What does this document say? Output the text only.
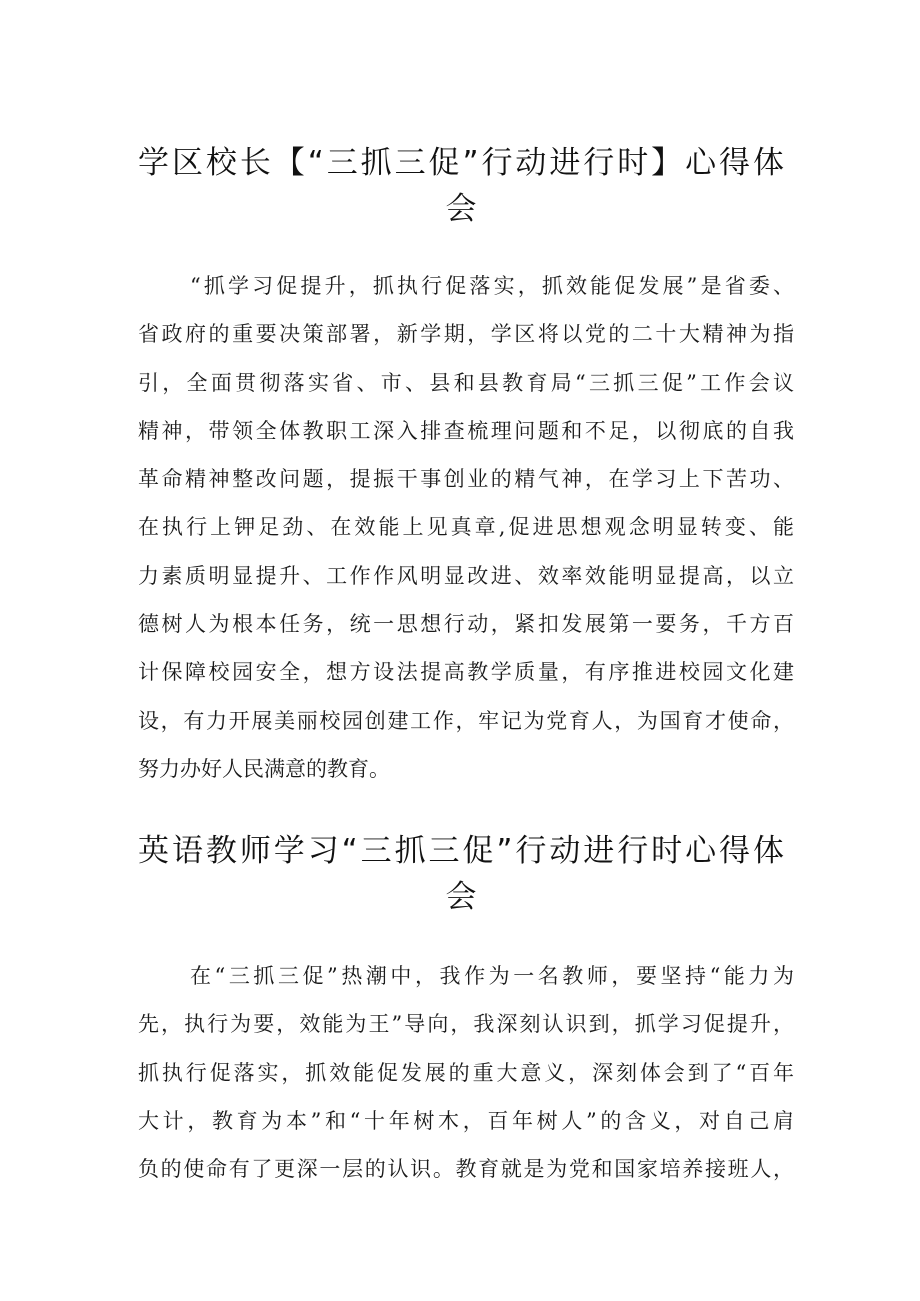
学区校长【“三抓三促”行动进行时】心得体
会
“抓学习促提升，抓执行促落实，抓效能促发展”是省委、
省政府的重要决策部署，新学期，学区将以党的二十大精神为指
引，全面贯彻落实省、市、县和县教育局“三抓三促”工作会议
精神，带领全体教职工深入排查梳理问题和不足，以彻底的自我
革命精神整改问题，提振干事创业的精气神，在学习上下苦功、
在执行上钾足劲、在效能上见真章,促进思想观念明显转变、能
力素质明显提升、工作作风明显改进、效率效能明显提高，以立
德树人为根本任务，统一思想行动，紧扣发展第一要务，千方百
计保障校园安全，想方设法提高教学质量，有序推进校园文化建
设，有力开展美丽校园创建工作，牢记为党育人，为国育才使命，
努力办好人民满意的教育。
英语教师学习“三抓三促”行动进行时心得体
会
在“三抓三促”热潮中，我作为一名教师，要坚持“能力为
先，执行为要，效能为王”导向，我深刻认识到，抓学习促提升，
抓执行促落实，抓效能促发展的重大意义，深刻体会到了“百年
大计，教育为本”和“十年树木，百年树人”的含义，对自己肩
负的使命有了更深一层的认识。教育就是为党和国家培养接班人，
